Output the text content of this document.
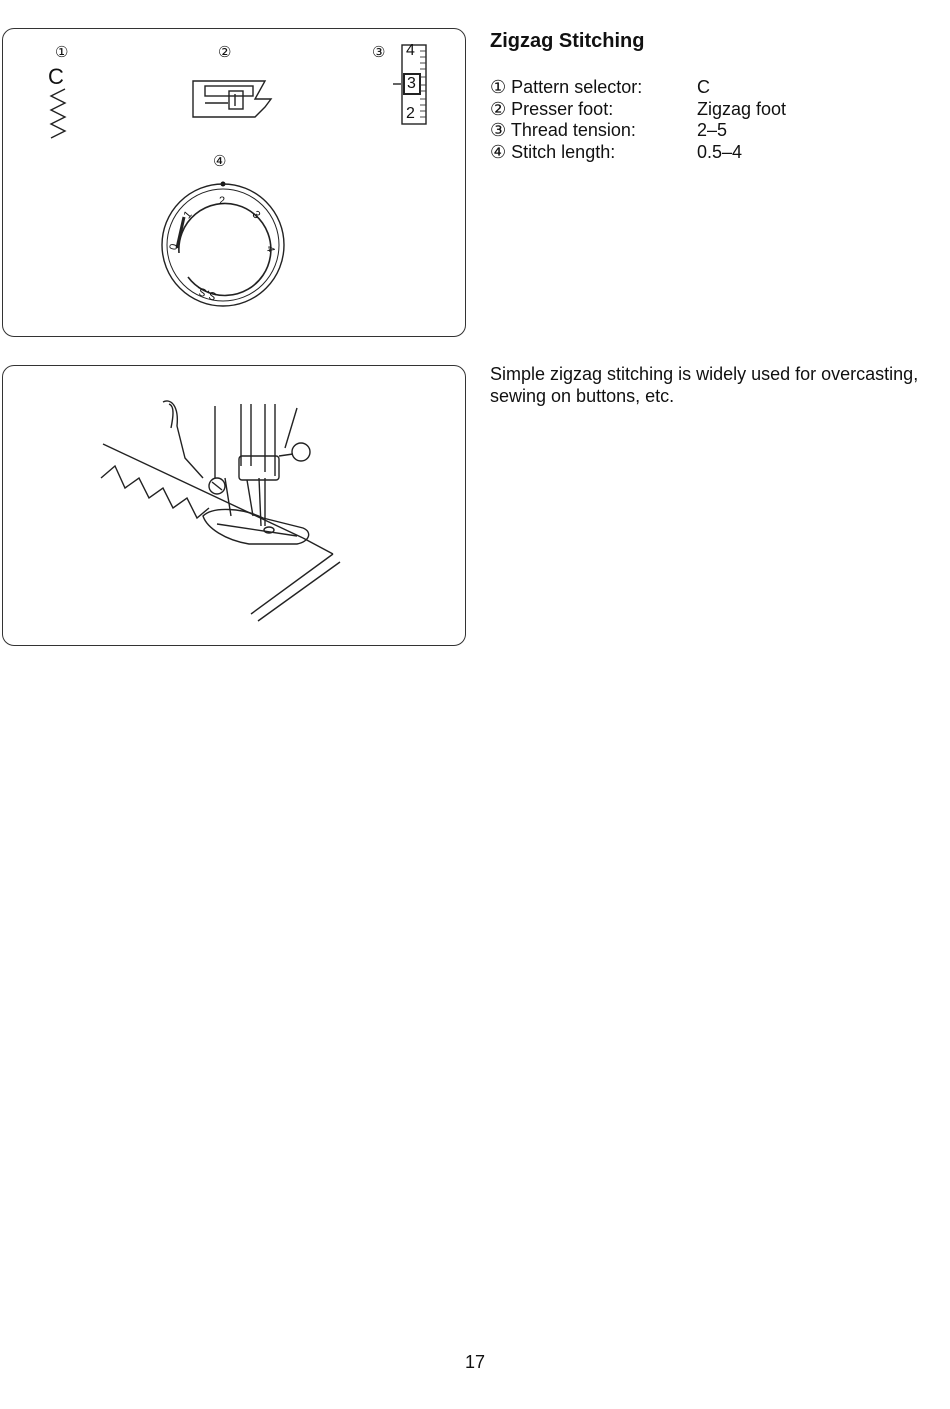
①	②	③
④
C
4
3
2
0
1
2
3
4
S.S.
Zigzag Stitching
① Pattern selector:	C
② Presser foot:	Zigzag foot
③ Thread tension:	2–5
④ Stitch length:	0.5–4
Simple zigzag stitching is widely used for overcasting, sewing on buttons, etc.
17
